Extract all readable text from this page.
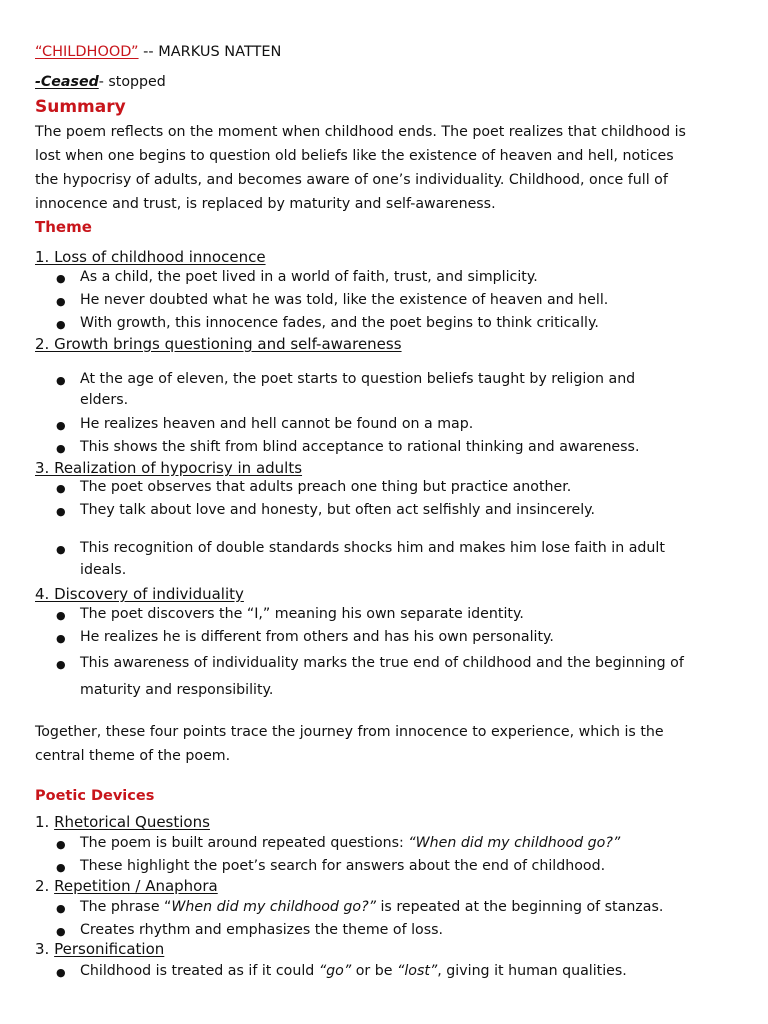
“CHILDHOOD” -- MARKUS NATTEN
-Ceased- stopped
Summary
The poem reflects on the moment when childhood ends. The poet realizes that childhood is
lost when one begins to question old beliefs like the existence of heaven and hell, notices
the hypocrisy of adults, and becomes aware of one’s individuality. Childhood, once full of
innocence and trust, is replaced by maturity and self-awareness.
Theme
1. Loss of childhood innocence
● As a child, the poet lived in a world of faith, trust, and simplicity.
● He never doubted what he was told, like the existence of heaven and hell.
● With growth, this innocence fades, and the poet begins to think critically.
2. Growth brings questioning and self-awareness
● At the age of eleven, the poet starts to question beliefs taught by religion and
elders.
● He realizes heaven and hell cannot be found on a map.
● This shows the shift from blind acceptance to rational thinking and awareness.
3. Realization of hypocrisy in adults
● The poet observes that adults preach one thing but practice another.
● They talk about love and honesty, but often act selfishly and insincerely.
● This recognition of double standards shocks him and makes him lose faith in adult
ideals.
4. Discovery of individuality
● The poet discovers the “I,” meaning his own separate identity.
● He realizes he is different from others and has his own personality.
● This awareness of individuality marks the true end of childhood and the beginning of
maturity and responsibility.
Together, these four points trace the journey from innocence to experience, which is the
central theme of the poem.
Poetic Devices
1. Rhetorical Questions
● The poem is built around repeated questions: “When did my childhood go?”
● These highlight the poet’s search for answers about the end of childhood.
2. Repetition / Anaphora
● The phrase “When did my childhood go?” is repeated at the beginning of stanzas.
● Creates rhythm and emphasizes the theme of loss.
3. Personification
● Childhood is treated as if it could “go” or be “lost”, giving it human qualities.
